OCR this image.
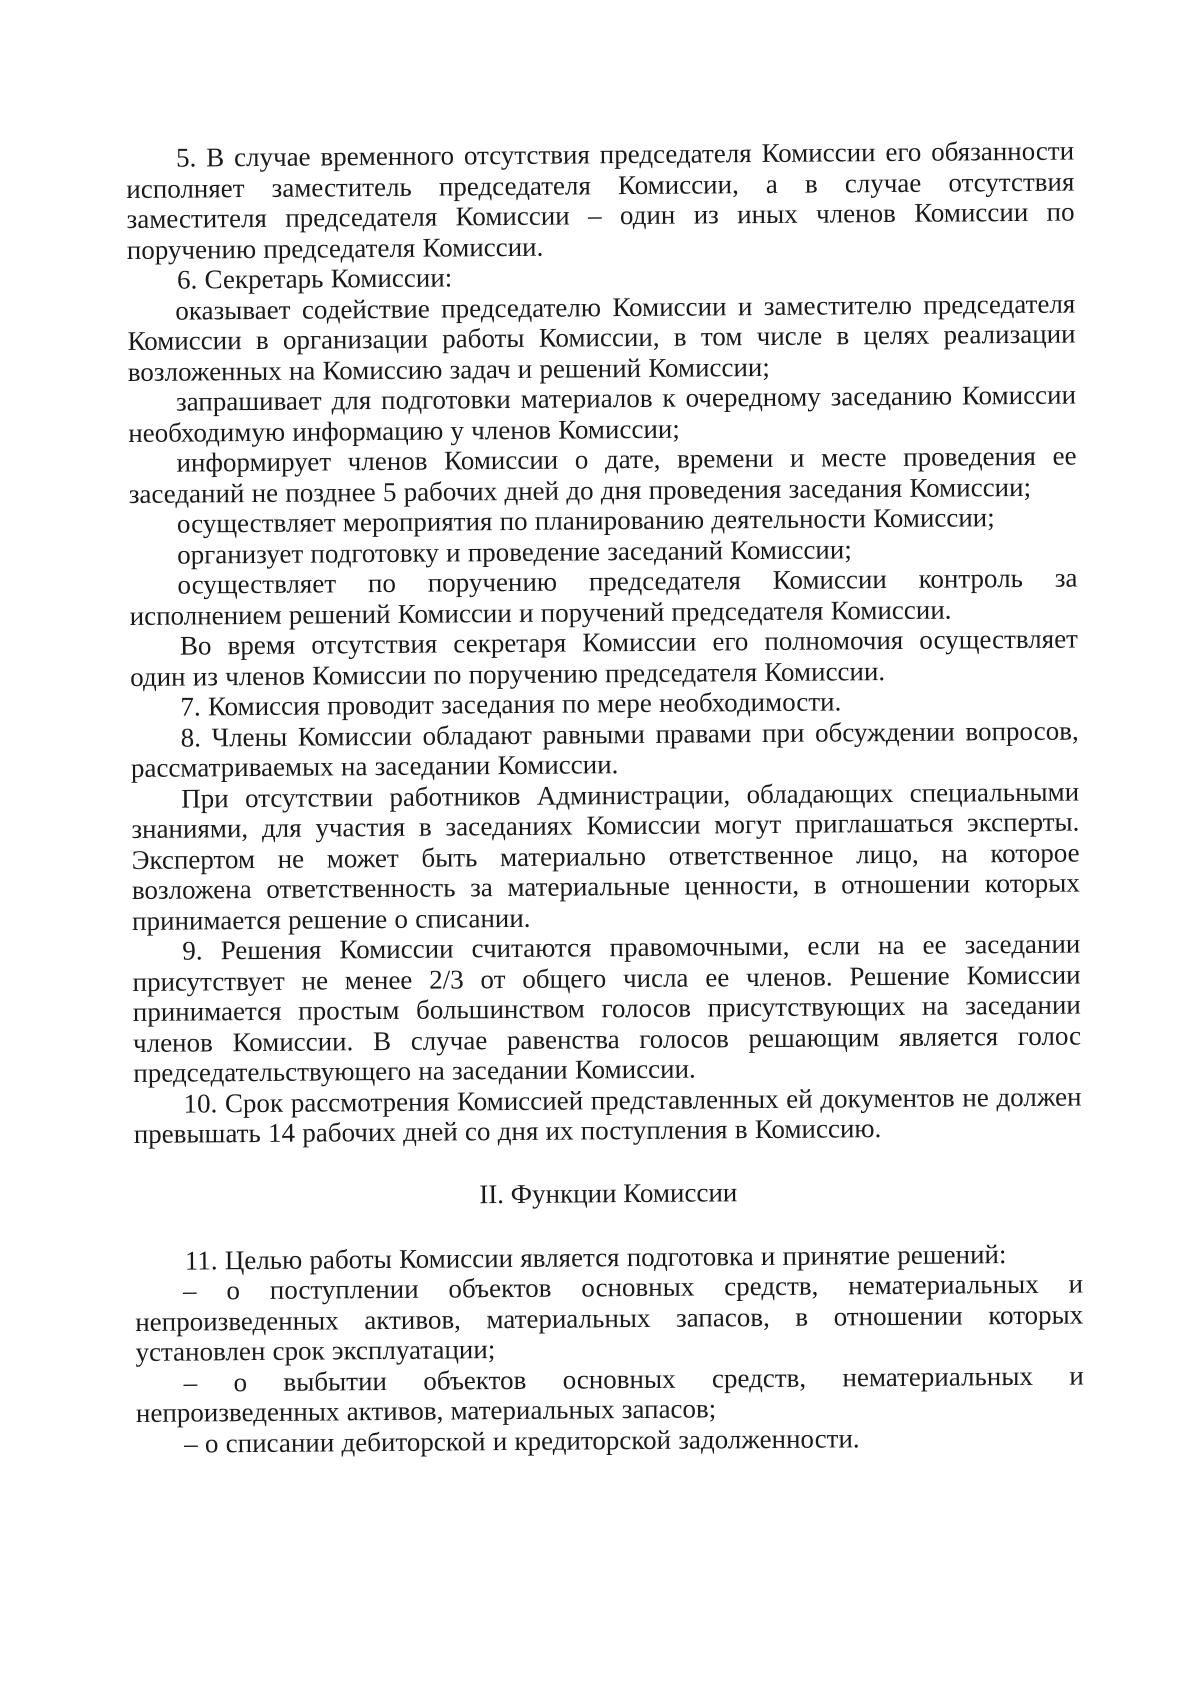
5. В случае временного отсутствия председателя Комиссии его обязанности исполняет заместитель председателя Комиссии, а в случае отсутствия заместителя председателя Комиссии – один из иных членов Комиссии по поручению председателя Комиссии.

6. Секретарь Комиссии:

оказывает содействие председателю Комиссии и заместителю председателя Комиссии в организации работы Комиссии, в том числе в целях реализации возложенных на Комиссию задач и решений Комиссии;

запрашивает для подготовки материалов к очередному заседанию Комиссии необходимую информацию у членов Комиссии;

информирует членов Комиссии о дате, времени и месте проведения ее заседаний не позднее 5 рабочих дней до дня проведения заседания Комиссии;

осуществляет мероприятия по планированию деятельности Комиссии;

организует подготовку и проведение заседаний Комиссии;

осуществляет по поручению председателя Комиссии контроль за исполнением решений Комиссии и поручений председателя Комиссии.

Во время отсутствия секретаря Комиссии его полномочия осуществляет один из членов Комиссии по поручению председателя Комиссии.

7. Комиссия проводит заседания по мере необходимости.

8. Члены Комиссии обладают равными правами при обсуждении вопросов, рассматриваемых на заседании Комиссии.

При отсутствии работников Администрации, обладающих специальными знаниями, для участия в заседаниях Комиссии могут приглашаться эксперты. Экспертом не может быть материально ответственное лицо, на которое возложена ответственность за материальные ценности, в отношении которых принимается решение о списании.

9. Решения Комиссии считаются правомочными, если на ее заседании присутствует не менее 2/3 от общего числа ее членов. Решение Комиссии принимается простым большинством голосов присутствующих на заседании членов Комиссии. В случае равенства голосов решающим является голос председательствующего на заседании Комиссии.

10. Срок рассмотрения Комиссией представленных ей документов не должен превышать 14 рабочих дней со дня их поступления в Комиссию.

II. Функции Комиссии

11. Целью работы Комиссии является подготовка и принятие решений:

– о поступлении объектов основных средств, нематериальных и непроизведенных активов, материальных запасов, в отношении которых установлен срок эксплуатации;

– о выбытии объектов основных средств, нематериальных и непроизведенных активов, материальных запасов;

– о списании дебиторской и кредиторской задолженности.
